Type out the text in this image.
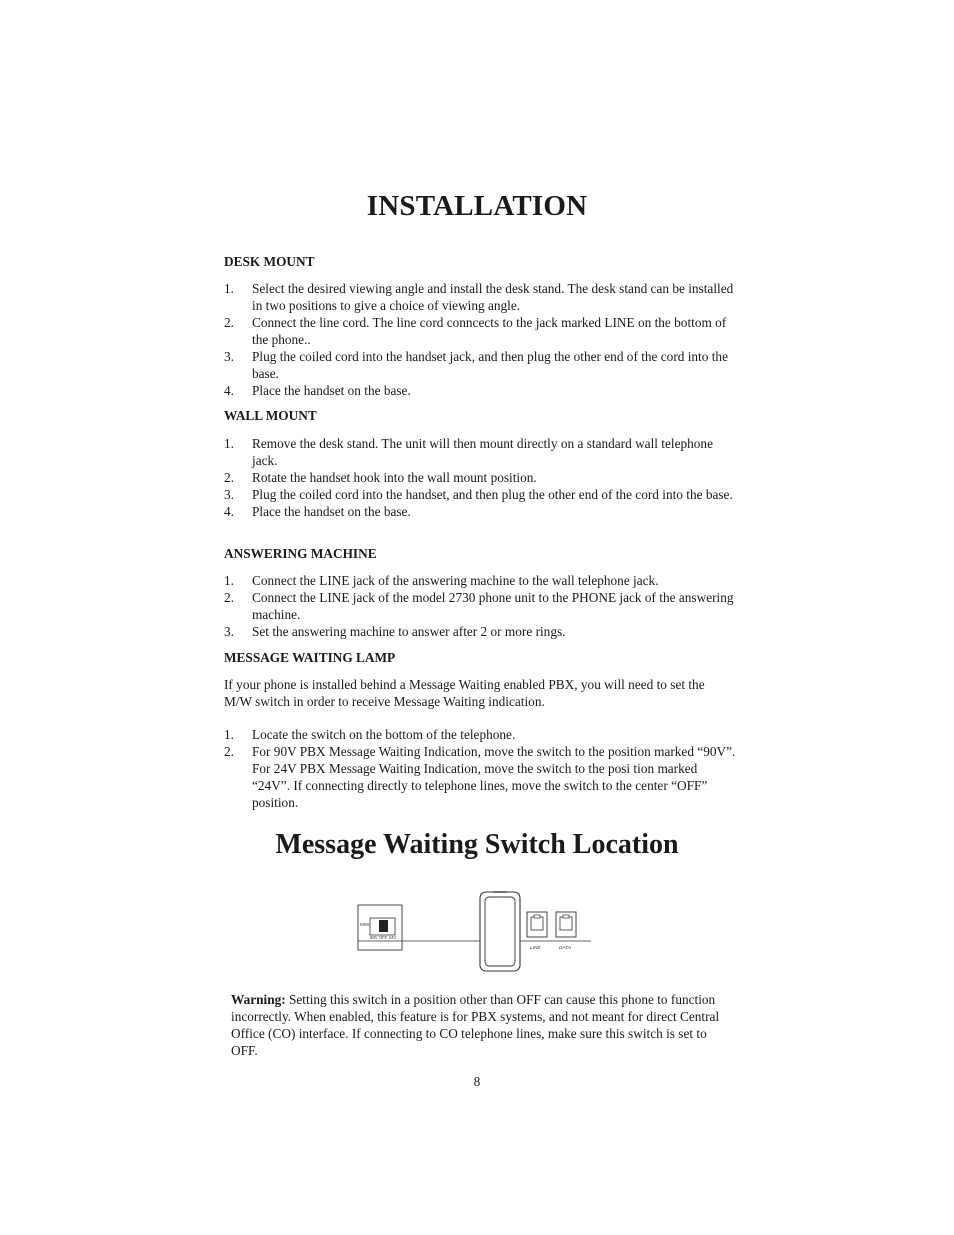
INSTALLATION
DESK MOUNT
1. Select the desired viewing angle and install the desk stand. The desk stand can be installed in two positions to give a choice of viewing angle.
2. Connect the line cord. The line cord conncects to the jack marked LINE on the bottom of the phone..
3. Plug the coiled cord into the handset jack, and then plug the other end of the cord into the base.
4. Place the handset on the base.
WALL MOUNT
1. Remove the desk stand. The unit will then mount directly on a standard wall telephone jack.
2. Rotate the handset hook into the wall mount position.
3. Plug the coiled cord into the handset, and then plug the other end of the cord into the base.
4. Place the handset on the base.
ANSWERING MACHINE
1. Connect the LINE jack of the answering machine to the wall telephone jack.
2. Connect the LINE jack of the model 2730 phone unit to the PHONE jack of the answering machine.
3. Set the answering machine to answer after 2 or more rings.
MESSAGE WAITING LAMP

If your phone is installed behind a Message Waiting enabled PBX, you will need to set the M/W switch in order to receive Message Waiting indication.

1. Locate the switch on the bottom of the telephone.
2. For 90V PBX Message Waiting Indication, move the switch to the position marked “90V”. For 24V PBX Message Waiting Indication, move the switch to the posi tion marked “24V”. If connecting directly to telephone lines, move the switch to the center “OFF” position.
Message Waiting Switch Location
M/W
90V OFF 24V
LINE	DATA

Warning: Setting this switch in a position other than OFF can cause this phone to function incorrectly. When enabled, this feature is for PBX systems, and not meant for direct Central Office (CO) interface. If connecting to CO telephone lines, make sure this switch is set to OFF.

8
